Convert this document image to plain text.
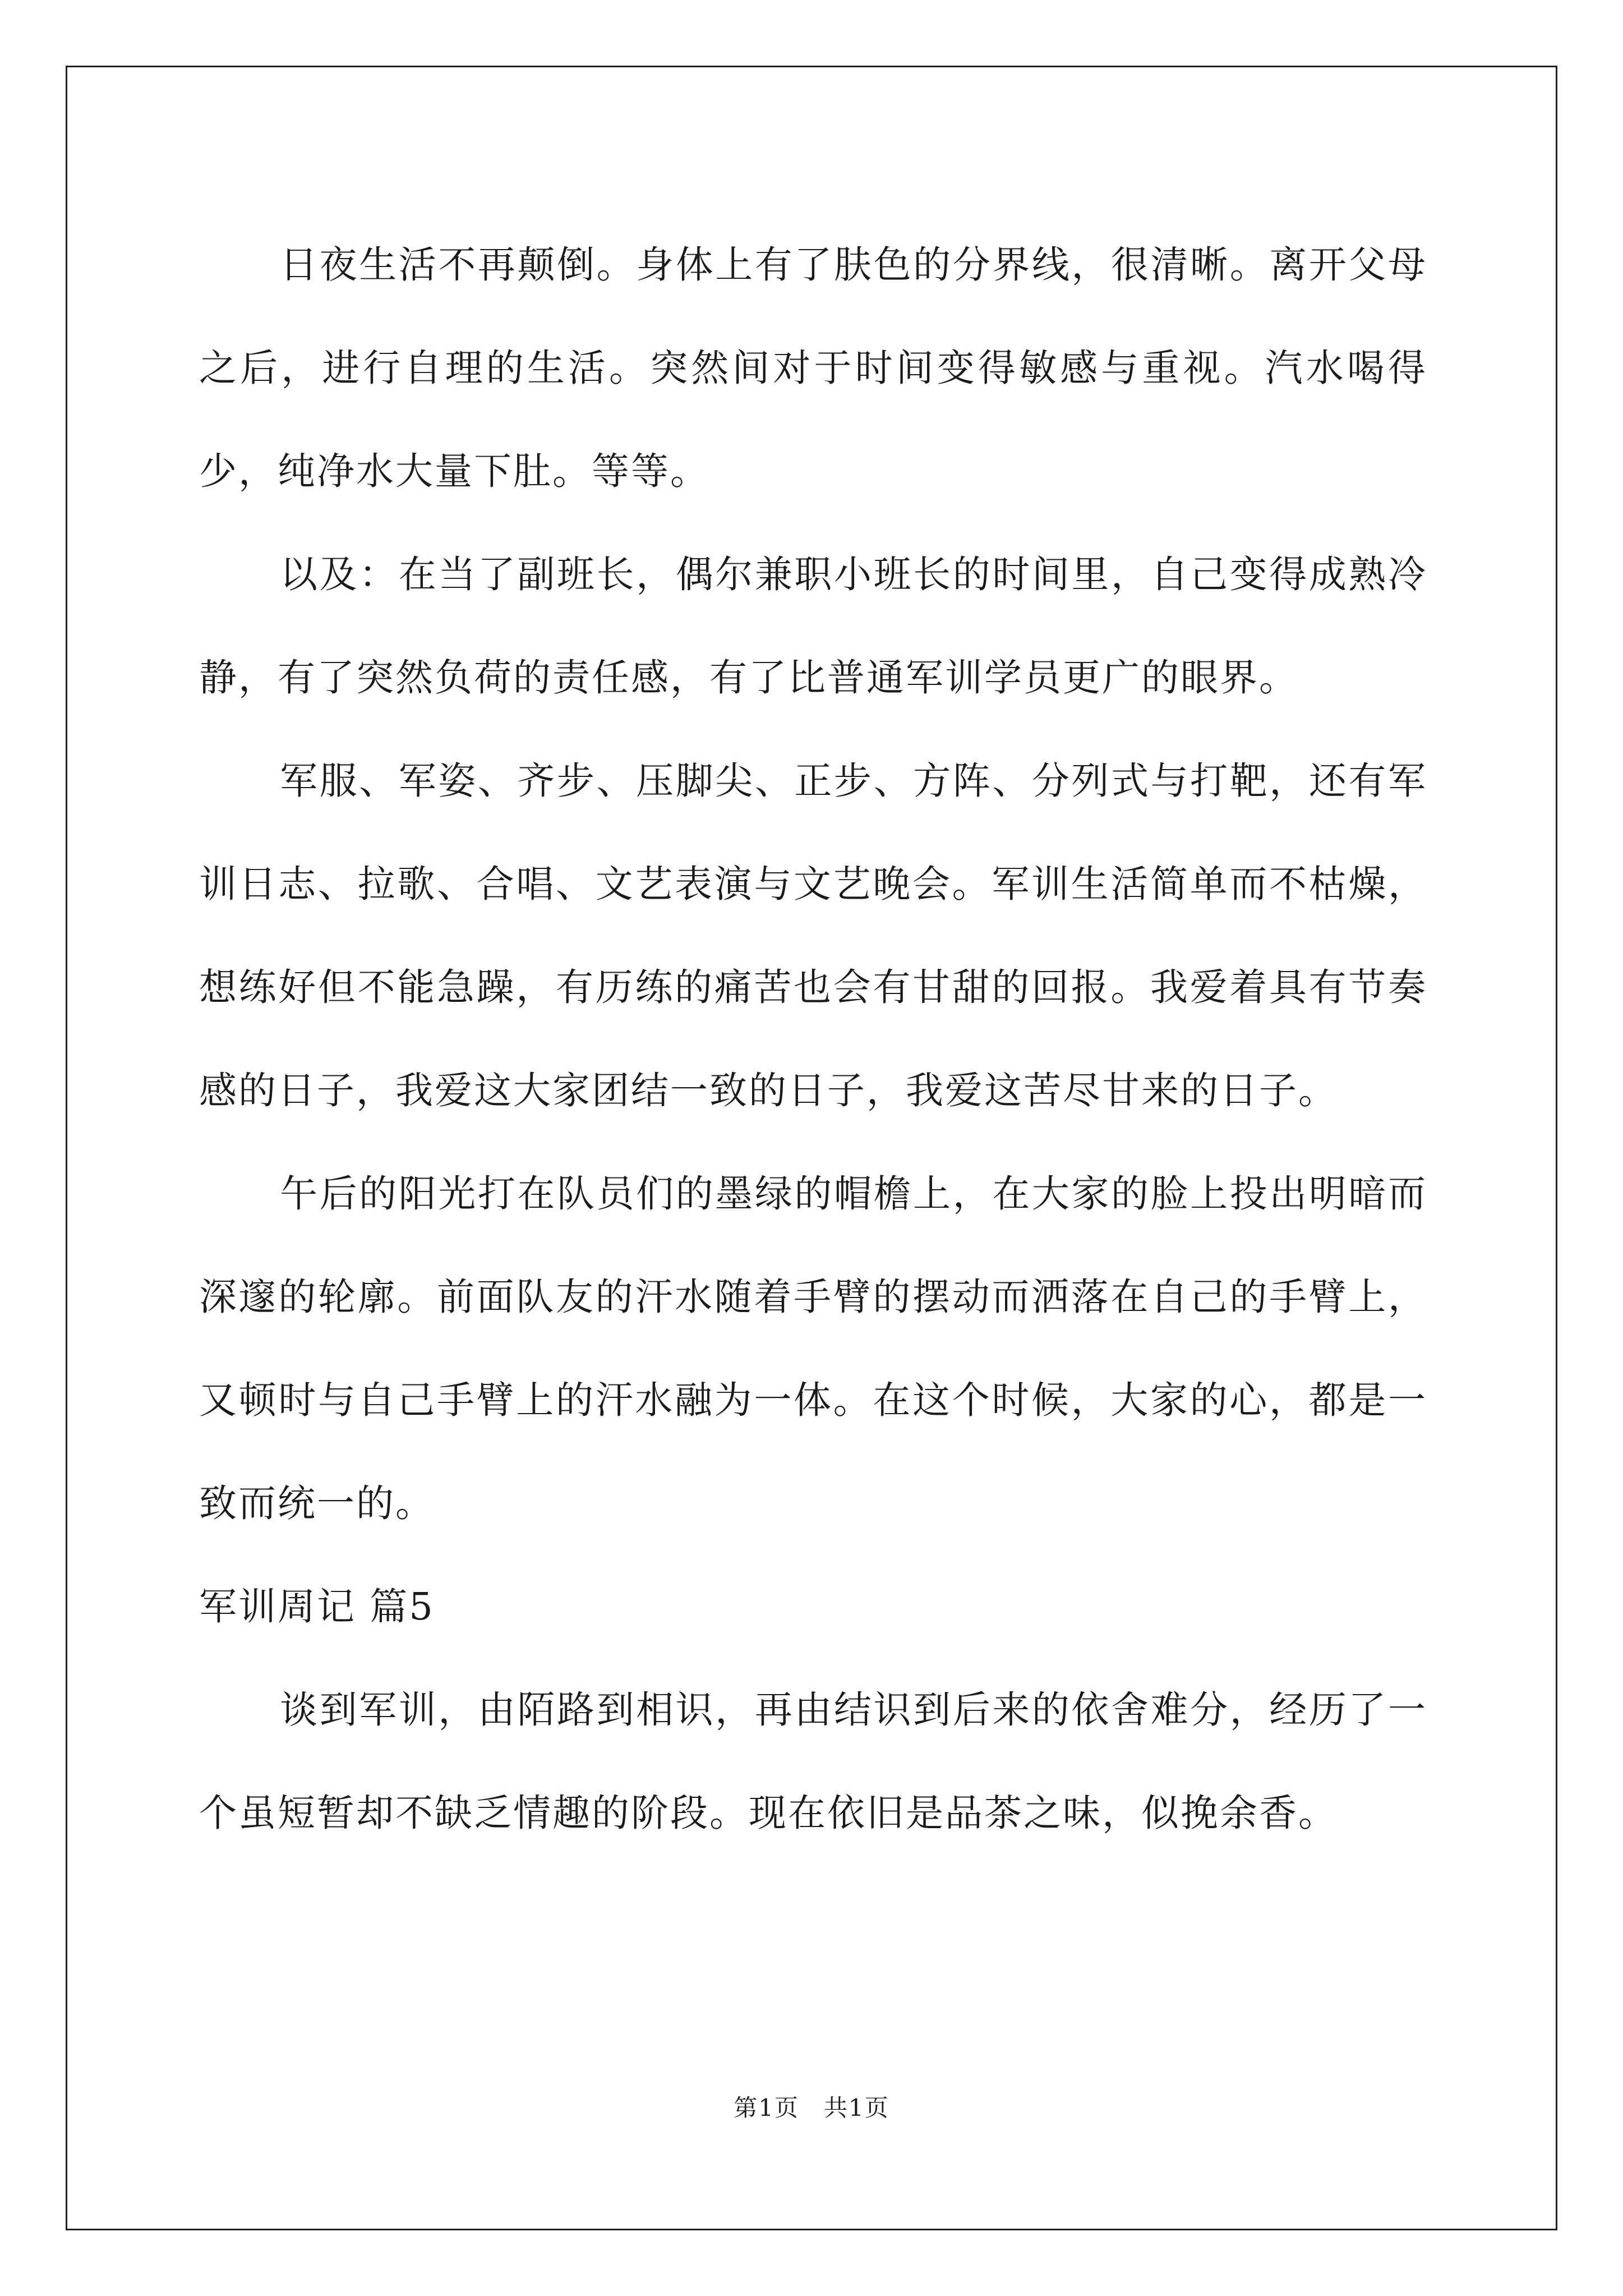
日夜生活不再颠倒。身体上有了肤色的分界线，很清晰。离开父母之后，进行自理的生活。突然间对于时间变得敏感与重视。汽水喝得少，纯净水大量下肚。等等。

以及：在当了副班长，偶尔兼职小班长的时间里，自己变得成熟冷静，有了突然负荷的责任感，有了比普通军训学员更广的眼界。

军服、军姿、齐步、压脚尖、正步、方阵、分列式与打靶，还有军训日志、拉歌、合唱、文艺表演与文艺晚会。军训生活简单而不枯燥，想练好但不能急躁，有历练的痛苦也会有甘甜的回报。我爱着具有节奏感的日子，我爱这大家团结一致的日子，我爱这苦尽甘来的日子。

午后的阳光打在队员们的墨绿的帽檐上，在大家的脸上投出明暗而深邃的轮廓。前面队友的汗水随着手臂的摆动而洒落在自己的手臂上，又顿时与自己手臂上的汗水融为一体。在这个时候，大家的心，都是一致而统一的。

军训周记 篇5

谈到军训，由陌路到相识，再由结识到后来的依舍难分，经历了一个虽短暂却不缺乏情趣的阶段。现在依旧是品茶之味，似挽余香。

第1页　共1页
